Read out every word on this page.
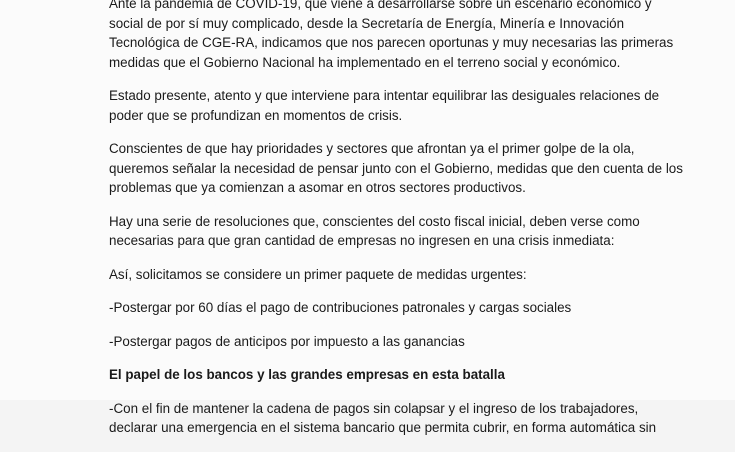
Ante la pandemia de COVID-19, que viene a desarrollarse sobre un escenario económico y
social de por sí muy complicado, desde la Secretaría de Energía, Minería e Innovación
Tecnológica de CGE-RA, indicamos que nos parecen oportunas y muy necesarias las primeras
medidas que el Gobierno Nacional ha implementado en el terreno social y económico.

Estado presente, atento y que interviene para intentar equilibrar las desiguales relaciones de
poder que se profundizan en momentos de crisis.

Conscientes de que hay prioridades y sectores que afrontan ya el primer golpe de la ola,
queremos señalar la necesidad de pensar junto con el Gobierno, medidas que den cuenta de los
problemas que ya comienzan a asomar en otros sectores productivos.

Hay una serie de resoluciones que, conscientes del costo fiscal inicial, deben verse como
necesarias para que gran cantidad de empresas no ingresen en una crisis inmediata:

Así, solicitamos se considere un primer paquete de medidas urgentes:

-Postergar por 60 días el pago de contribuciones patronales y cargas sociales

-Postergar pagos de anticipos por impuesto a las ganancias

El papel de los bancos y las grandes empresas en esta batalla

-Con el fin de mantener la cadena de pagos sin colapsar y el ingreso de los trabajadores,
declarar una emergencia en el sistema bancario que permita cubrir, en forma automática sin
